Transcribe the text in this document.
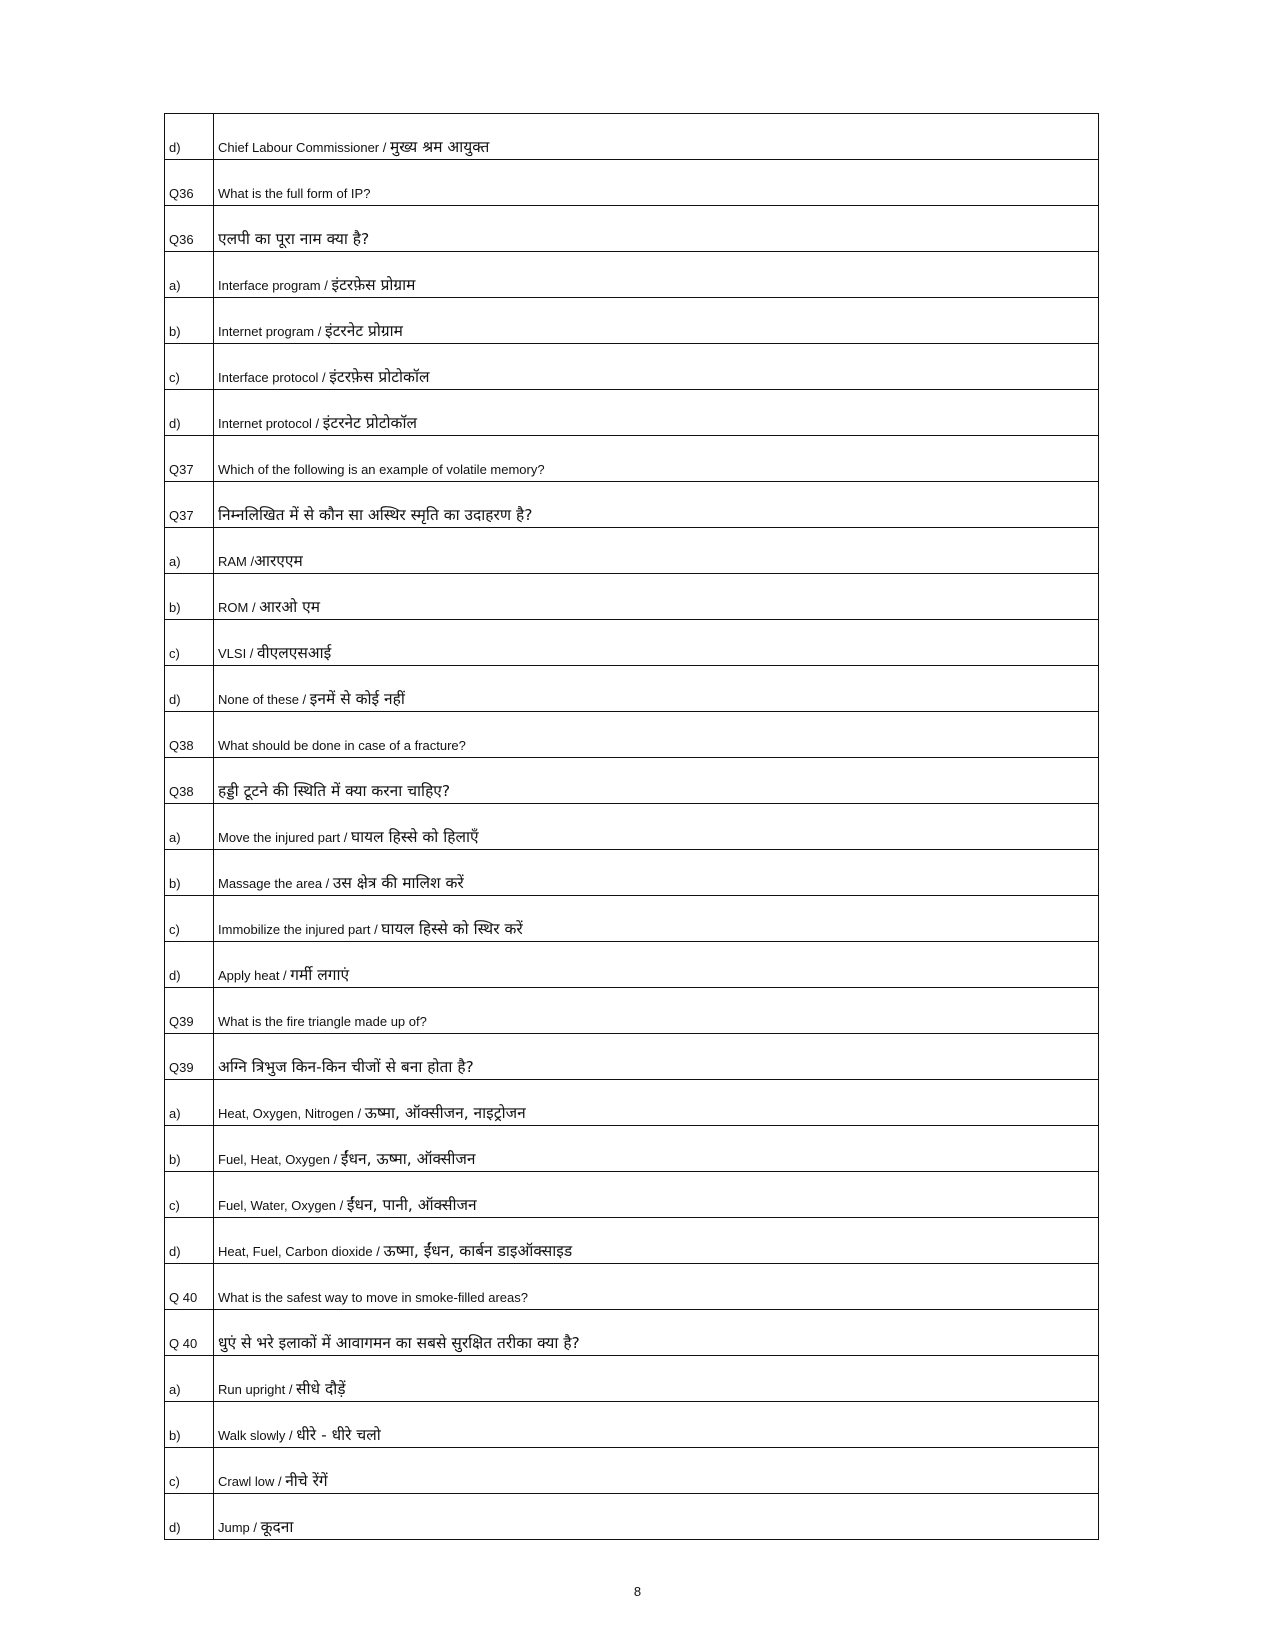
d)	Chief Labour Commissioner / मुख्य श्रम आयुक्त
Q36	What is the full form of IP?
Q36	एलपी का पूरा नाम क्या है?
a)	Interface program / इंटरफ़ेस प्रोग्राम
b)	Internet program / इंटरनेट प्रोग्राम
c)	Interface protocol / इंटरफ़ेस प्रोटोकॉल
d)	Internet protocol / इंटरनेट प्रोटोकॉल
Q37	Which of the following is an example of volatile memory?
Q37	निम्नलिखित में से कौन सा अस्थिर स्मृति का उदाहरण है?
a)	RAM /आरएएम
b)	ROM / आरओ एम
c)	VLSI / वीएलएसआई
d)	None of these / इनमें से कोई नहीं
Q38	What should be done in case of a fracture?
Q38	हड्डी टूटने की स्थिति में क्या करना चाहिए?
a)	Move the injured part / घायल हिस्से को हिलाएँ
b)	Massage the area / उस क्षेत्र की मालिश करें
c)	Immobilize the injured part / घायल हिस्से को स्थिर करें
d)	Apply heat / गर्मी लगाएं
Q39	What is the fire triangle made up of?
Q39	अग्नि त्रिभुज किन-किन चीजों से बना होता है?
a)	Heat, Oxygen, Nitrogen / ऊष्मा, ऑक्सीजन, नाइट्रोजन
b)	Fuel, Heat, Oxygen / ईंधन, ऊष्मा, ऑक्सीजन
c)	Fuel, Water, Oxygen / ईंधन, पानी, ऑक्सीजन
d)	Heat, Fuel, Carbon dioxide / ऊष्मा, ईंधन, कार्बन डाइऑक्साइड
Q 40	What is the safest way to move in smoke-filled areas?
Q 40	धुएं से भरे इलाकों में आवागमन का सबसे सुरक्षित तरीका क्या है?
a)	Run upright / सीधे दौड़ें
b)	Walk slowly / धीरे - धीरे चलो
c)	Crawl low / नीचे रेंगें
d)	Jump / कूदना
8
